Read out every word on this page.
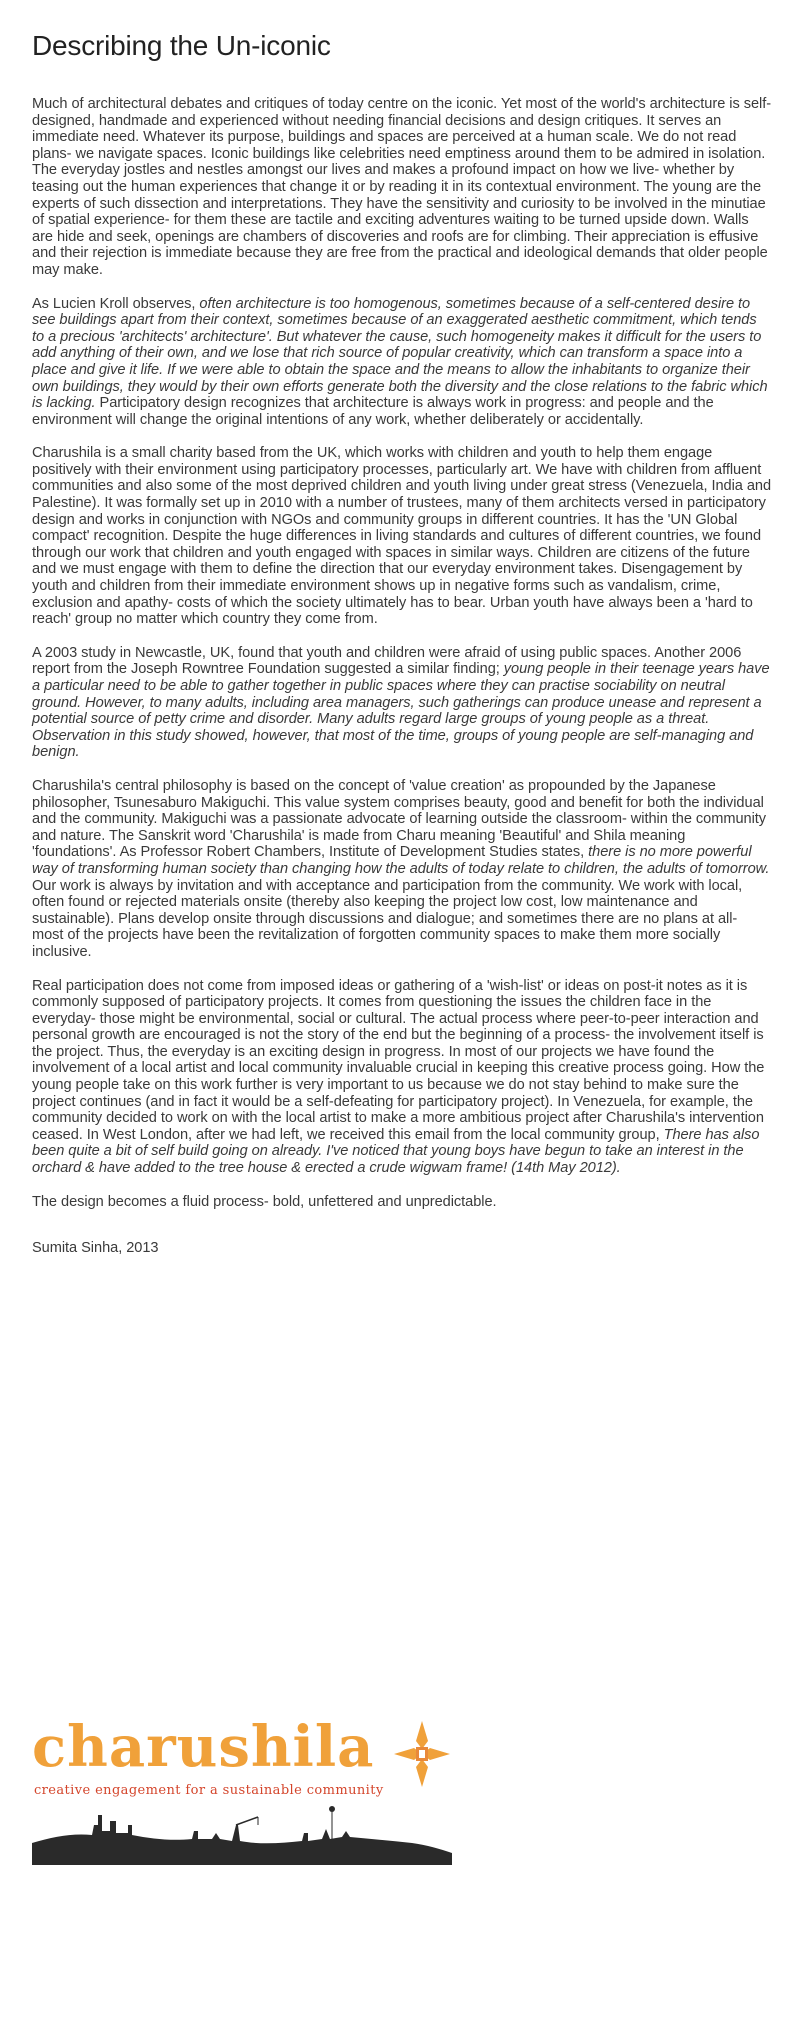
Describing the Un-iconic

Much of architectural debates and critiques of today centre on the iconic. Yet most of the world's architecture is self-designed, handmade and experienced without needing financial decisions and design critiques. It serves an immediate need. Whatever its purpose, buildings and spaces are perceived at a human scale. We do not read plans- we navigate spaces. Iconic buildings like celebrities need emptiness around them to be admired in isolation. The everyday jostles and nestles amongst our lives and makes a profound impact on how we live- whether by teasing out the human experiences that change it or by reading it in its contextual environment. The young are the experts of such dissection and interpretations. They have the sensitivity and curiosity to be involved in the minutiae of spatial experience- for them these are tactile and exciting adventures waiting to be turned upside down. Walls are hide and seek, openings are chambers of discoveries and roofs are for climbing. Their appreciation is effusive and their rejection is immediate because they are free from the practical and ideological demands that older people may make.

As Lucien Kroll observes, often architecture is too homogenous, sometimes because of a self-centered desire to see buildings apart from their context, sometimes because of an exaggerated aesthetic commitment, which tends to a precious 'architects' architecture'. But whatever the cause, such homogeneity makes it difficult for the users to add anything of their own, and we lose that rich source of popular creativity, which can transform a space into a place and give it life. If we were able to obtain the space and the means to allow the inhabitants to organize their own buildings, they would by their own efforts generate both the diversity and the close relations to the fabric which is lacking. Participatory design recognizes that architecture is always work in progress: and people and the environment will change the original intentions of any work, whether deliberately or accidentally.

Charushila is a small charity based from the UK, which works with children and youth to help them engage positively with their environment using participatory processes, particularly art. We have with children from affluent communities and also some of the most deprived children and youth living under great stress (Venezuela, India and Palestine). It was formally set up in 2010 with a number of trustees, many of them architects versed in participatory design and works in conjunction with NGOs and community groups in different countries. It has the 'UN Global compact' recognition. Despite the huge differences in living standards and cultures of different countries, we found through our work that children and youth engaged with spaces in similar ways. Children are citizens of the future and we must engage with them to define the direction that our everyday environment takes. Disengagement by youth and children from their immediate environment shows up in negative forms such as vandalism, crime, exclusion and apathy- costs of which the society ultimately has to bear. Urban youth have always been a 'hard to reach' group no matter which country they come from.

A 2003 study in Newcastle, UK, found that youth and children were afraid of using public spaces. Another 2006 report from the Joseph Rowntree Foundation suggested a similar finding; young people in their teenage years have a particular need to be able to gather together in public spaces where they can practise sociability on neutral ground. However, to many adults, including area managers, such gatherings can produce unease and represent a potential source of petty crime and disorder. Many adults regard large groups of young people as a threat. Observation in this study showed, however, that most of the time, groups of young people are self-managing and benign.

Charushila's central philosophy is based on the concept of 'value creation' as propounded by the Japanese philosopher, Tsunesaburo Makiguchi. This value system comprises beauty, good and benefit for both the individual and the community. Makiguchi was a passionate advocate of learning outside the classroom- within the community and nature. The Sanskrit word 'Charushila' is made from Charu meaning 'Beautiful' and Shila meaning 'foundations'. As Professor Robert Chambers, Institute of Development Studies states, there is no more powerful way of transforming human society than changing how the adults of today relate to children, the adults of tomorrow. Our work is always by invitation and with acceptance and participation from the community. We work with local, often found or rejected materials onsite (thereby also keeping the project low cost, low maintenance and sustainable). Plans develop onsite through discussions and dialogue; and sometimes there are no plans at all- most of the projects have been the revitalization of forgotten community spaces to make them more socially inclusive.

Real participation does not come from imposed ideas or gathering of a 'wish-list' or ideas on post-it notes as it is commonly supposed of participatory projects. It comes from questioning the issues the children face in the everyday- those might be environmental, social or cultural. The actual process where peer-to-peer interaction and personal growth are encouraged is not the story of the end but the beginning of a process- the involvement itself is the project. Thus, the everyday is an exciting design in progress. In most of our projects we have found the involvement of a local artist and local community invaluable crucial in keeping this creative process going. How the young people take on this work further is very important to us because we do not stay behind to make sure the project continues (and in fact it would be a self-defeating for participatory project). In Venezuela, for example, the community decided to work on with the local artist to make a more ambitious project after Charushila's intervention ceased. In West London, after we had left, we received this email from the local community group, There has also been quite a bit of self build going on already. I've noticed that young boys have begun to take an interest in the orchard & have added to the tree house & erected a crude wigwam frame! (14th May 2012).

The design becomes a fluid process- bold, unfettered and unpredictable.

Sumita Sinha, 2013

charushila
creative engagement for a sustainable community
